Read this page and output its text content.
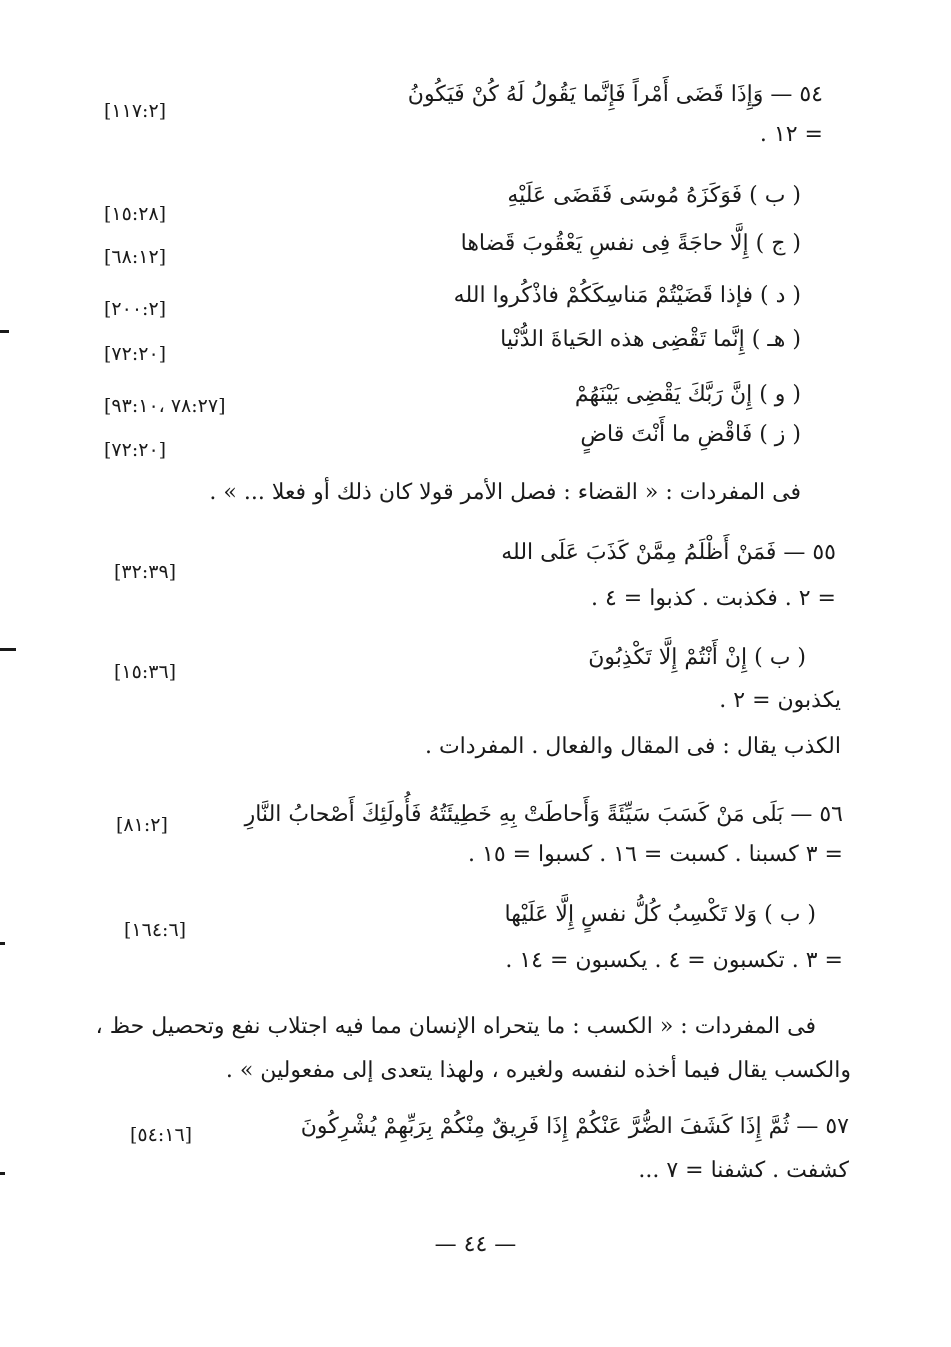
٥٤ — وَإِذَا قَضَى أَمْراً فَإِنَّما يَقُولُ لَهُ كُنْ فَيَكُونُ
[١١٧:٢]
= ١٢ .
( ب ) فَوَكَزَهُ مُوسَى فَقَضَى عَلَيْهِ
[١٥:٢٨]
( ج ) إِلَّا حاجَةً فِى نفسِ يَعْقُوبَ قَضاها
[٦٨:١٢]
( د ) فإذا قَضَيْتُمْ مَناسِكَكُمْ فاذْكُروا الله
[٢٠٠:٢]
( هـ ) إِنَّما تَقْضِى هذه الحَياةَ الدُّنْيا
[٧٢:٢٠]
( و ) إِنَّ رَبَّكَ يَقْضِى بَيْنَهُمْ
[٧٨:٢٧ ،٩٣:١٠]
( ز ) فَاقْضِ ما أَنْتَ قاضٍ
[٧٢:٢٠]
فى المفردات : « القضاء : فصل الأمر قولا كان ذلك أو فعلا ... » .
٥٥ — فَمَنْ أَظْلَمُ مِمَّنْ كَذَبَ عَلَى الله
[٣٢:٣٩]
= ٢ . فكذبت . كذبوا = ٤ .
( ب ) إِنْ أَنْتُمْ إِلَّا تَكْذِبُونَ
[١٥:٣٦]
يكذبون = ٢ .
الكذب يقال : فى المقال والفعال . المفردات .
٥٦ — بَلَى مَنْ كَسَبَ سَيِّئَةً وَأَحاطَتْ بِهِ خَطِيئَتُهُ فَأُولَئِكَ أَصْحابُ النَّارِ
[٨١:٢]
= ٣ كسبنا . كسبت = ١٦ . كسبوا = ١٥ .
( ب ) وَلا تَكْسِبُ كُلُّ نفسٍ إِلَّا عَلَيْها
[١٦٤:٦]
= ٣ . تكسبون = ٤ . يكسبون = ١٤ .
فى المفردات : « الكسب : ما يتحراه الإنسان مما فيه اجتلاب نفع وتحصيل حظ ،
والكسب يقال فيما أخذه لنفسه ولغيره ، ولهذا يتعدى إلى مفعولين » .
٥٧ — ثُمَّ إِذَا كَشَفَ الضُّرَّ عَنْكُمْ إِذَا فَرِيقٌ مِنْكُمْ بِرَبِّهِمْ يُشْرِكُونَ
[٥٤:١٦]
كشفت . كشفنا = ٧ ...
— ٤٤ —
